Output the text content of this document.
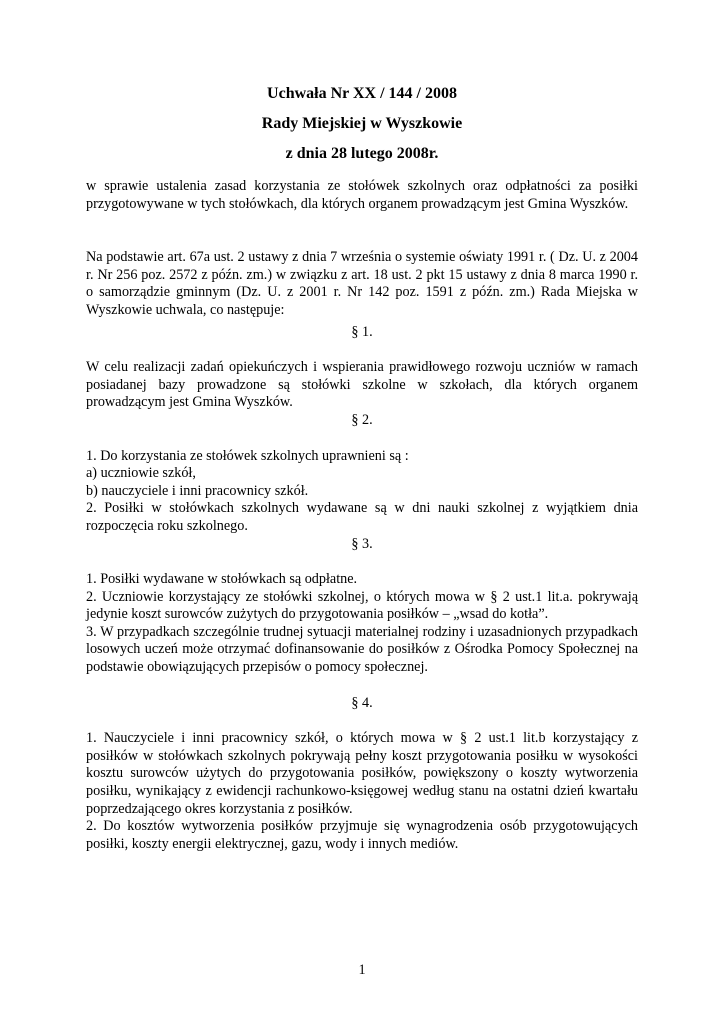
Uchwała Nr XX / 144 / 2008
Rady Miejskiej w Wyszkowie
z dnia 28 lutego 2008r.

w sprawie ustalenia zasad korzystania ze stołówek szkolnych oraz odpłatności za posiłki przygotowywane w tych stołówkach, dla których organem prowadzącym jest Gmina Wyszków.

Na podstawie art. 67a ust. 2 ustawy z dnia 7 września o systemie oświaty 1991 r. ( Dz. U. z 2004 r. Nr 256 poz. 2572 z późn. zm.) w związku z art. 18 ust. 2 pkt 15 ustawy z dnia 8 marca 1990 r. o samorządzie gminnym (Dz. U. z 2001 r. Nr 142 poz. 1591 z późn. zm.) Rada Miejska w Wyszkowie uchwala, co następuje:

§ 1.

W celu realizacji zadań opiekuńczych i wspierania prawidłowego rozwoju uczniów w ramach posiadanej bazy prowadzone są stołówki szkolne w szkołach, dla których organem prowadzącym jest Gmina Wyszków.

§ 2.

1. Do korzystania ze stołówek szkolnych uprawnieni są :

a) uczniowie szkół,

b) nauczyciele i inni pracownicy szkół.

2. Posiłki w stołówkach szkolnych wydawane są w dni nauki szkolnej z wyjątkiem dnia rozpoczęcia roku szkolnego.

§ 3.

1. Posiłki wydawane w stołówkach są odpłatne.

2. Uczniowie korzystający ze stołówki szkolnej, o których mowa w § 2 ust.1 lit.a. pokrywają jedynie koszt surowców zużytych do przygotowania posiłków – „wsad do kotła”.

3. W przypadkach szczególnie trudnej sytuacji materialnej rodziny i uzasadnionych przypadkach losowych uczeń może otrzymać dofinansowanie do posiłków z Ośrodka Pomocy Społecznej na podstawie obowiązujących przepisów o pomocy społecznej.

§ 4.

1. Nauczyciele i inni pracownicy szkół, o których mowa w § 2 ust.1 lit.b korzystający z posiłków w stołówkach szkolnych pokrywają pełny koszt przygotowania posiłku w wysokości kosztu surowców użytych do przygotowania posiłków, powiększony o koszty wytworzenia posiłku, wynikający z ewidencji rachunkowo-księgowej według stanu na ostatni dzień kwartału poprzedzającego okres korzystania z posiłków.

2. Do kosztów wytworzenia posiłków przyjmuje się wynagrodzenia osób przygotowujących posiłki, koszty energii elektrycznej, gazu, wody i innych mediów.

1
